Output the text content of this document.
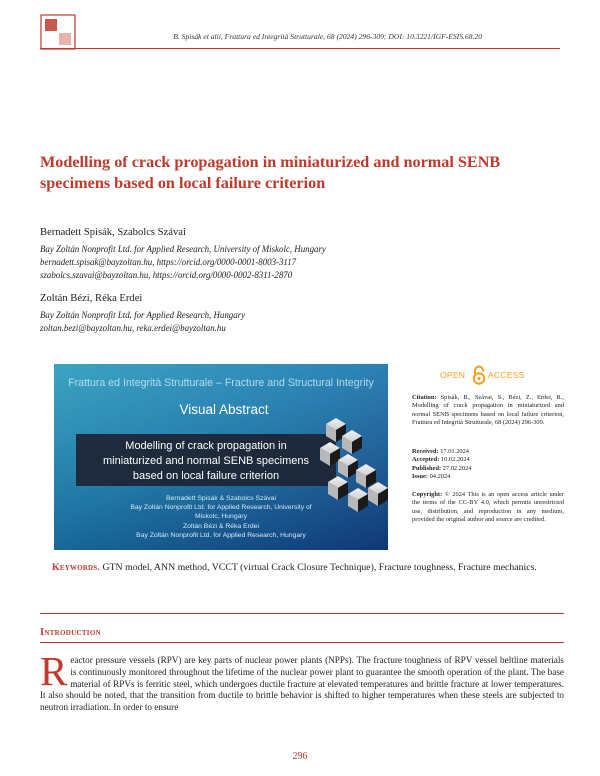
B. Spisák et alii, Frattura ed Integrità Strutturale, 68 (2024) 296-309; DOI: 10.3221/IGF-ESIS.68.20
Modelling of crack propagation in miniaturized and normal SENB specimens based on local failure criterion
Bernadett Spisák, Szabolcs Szávai
Bay Zoltán Nonprofit Ltd. for Applied Research, University of Miskolc, Hungary
bernadett.spisak@bayzoltan.hu, https://orcid.org/0000-0001-8003-3117
szabolcs.szavai@bayzoltan.hu, https://orcid.org/0000-0002-8311-2870
Zoltán Bézi, Réka Erdei
Bay Zoltán Nonprofit Ltd. for Applied Research, Hungary
zoltan.bezi@bayzoltan.hu, reka.erdei@bayzoltan.hu
Frattura ed Integrità Strutturale – Fracture and Structural Integrity
Visual Abstract
Modelling of crack propagation in
miniaturized and normal SENB specimens
based on local failure criterion
Bernadett Spisák & Szabolcs Szávai
Bay Zoltán Nonprofit Ltd. for Applied Research, University of
Miskolc, Hungary
Zoltán Bézi & Réka Erdei
Bay Zoltán Nonprofit Ltd. for Applied Research, Hungary
OPEN	ACCESS
Citation: Spisák, B., Szávai, S., Bézi, Z., Erdei, R., Modelling of crack propagation in miniaturized and normal SENB specimens based on local failure criterion, Frattura ed Integrità Strutturale, 68 (2024) 296-309.
Received: 17.01.2024
Accepted: 10.02.2024
Published: 27.02.2024
Issue: 04.2024
Copyright: © 2024 This is an open access article under the terms of the CC-BY 4.0, which permits unrestricted use, distribution, and reproduction in any medium, provided the original author and source are credited.
Keywords. GTN model, ANN method, VCCT (virtual Crack Closure Technique), Fracture toughness, Fracture mechanics.
Introduction
R eactor pressure vessels (RPV) are key parts of nuclear power plants (NPPs). The fracture toughness of RPV vessel beltline materials is continuously monitored throughout the lifetime of the nuclear power plant to guarantee the smooth operation of the plant. The base material of RPVs is ferritic steel, which undergoes ductile fracture at elevated temperatures and brittle fracture at lower temperatures. It also should be noted, that the transition from ductile to brittle behavior is shifted to higher temperatures when these steels are subjected to neutron irradiation. In order to ensure
296
